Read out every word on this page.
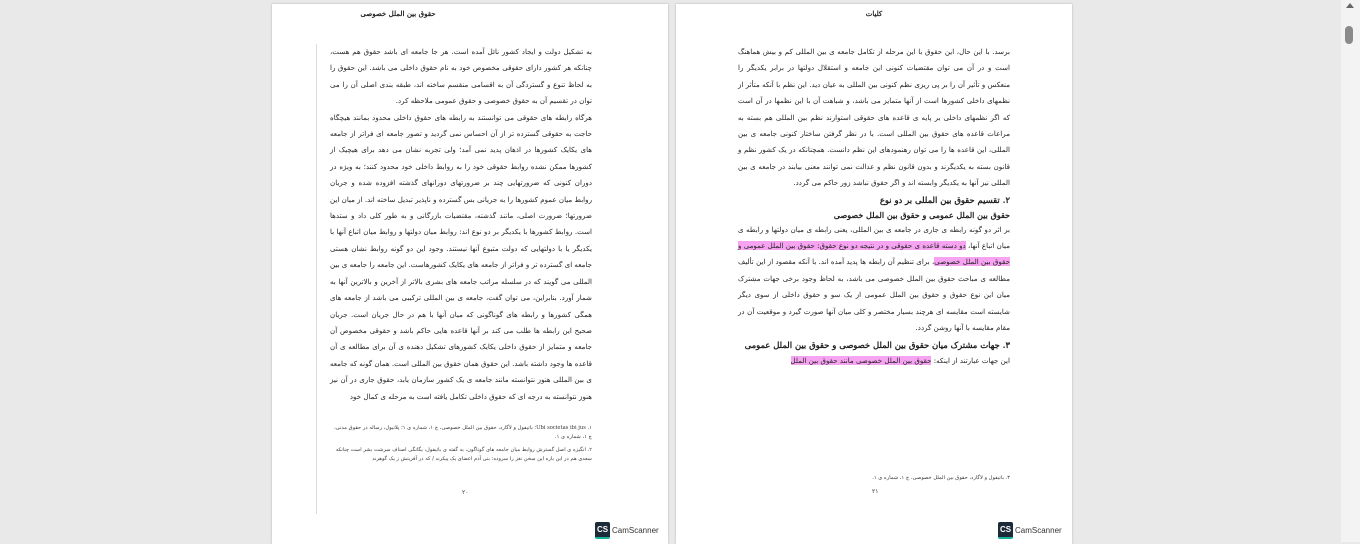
حقوق بین الملل خصوصی

به تشکیل دولت و ایجاد کشور نائل آمده است. هر جا جامعه ای باشد حقوق هم هست، چنانکه هر کشور دارای حقوقی مخصوص خود به نام حقوق داخلی می باشد. این حقوق را به لحاظ تنوع و گستردگی آن به اقسامی منقسم ساخته اند، طبقه بندی اصلی آن را می توان در تقسیم آن به حقوق خصوصی و حقوق عمومی ملاحظه کرد.

هرگاه رابطه های حقوقی می توانستند به رابطه های حقوق داخلی محدود بمانند هیچگاه حاجت به حقوقی گسترده تر از آن احساس نمی گردید و تصور جامعه ای فراتر از جامعه های یکایک کشورها در اذهان پدید نمی آمد؛ ولی تجربه نشان می دهد برای هیچیک از کشورها ممکن نشده روابط حقوقی خود را به روابط داخلی خود محدود کنند؛ به ویژه در دوران کنونی که ضرورتهایی چند بر ضرورتهای دورانهای گذشته افزوده شده و جریان روابط میان عموم کشورها را به جریانی بس گسترده و ناپذیر تبدیل ساخته اند. از میان این ضرورتها؛ ضرورت اصلی، مانند گذشته، مقتضیات بازرگانی و به طور کلی داد و ستدها است. روابط کشورها با یکدیگر بر دو نوع اند: روابط میان دولتها و روابط میان اتباع آنها با یکدیگر یا با دولتهایی که دولت متبوع آنها نیستند. وجود این دو گونه روابط نشان هستی جامعه ای گسترده تر و فراتر از جامعه های یکایک کشورهاست. این جامعه را جامعه ی بین المللی می گویند که در سلسله مراتب جامعه های بشری بالاتر از آخرین و بالاترین آنها به شمار آورد. بنابراین، می توان گفت، جامعه ی بین المللی ترکیبی می باشد از جامعه های همگی کشورها و رابطه های گوناگونی که میان آنها با هم در حال جریان است. جریان صحیح این رابطه ها طلب می کند بر آنها قاعده هایی حاکم باشد و حقوقی مخصوص آن جامعه و متمایز از حقوق داخلی یکایک کشورهای تشکیل دهنده ی آن برای مطالعه ی آن قاعده ها وجود داشته باشد. این حقوق همان حقوق بین المللی است. همان گونه که جامعه ی بین المللی هنوز نتوانسته مانند جامعه ی یک کشور سازمان یابد، حقوق جاری در آن نیز هنوز نتوانسته به درجه ای که حقوق داخلی تکامل یافته است به مرحله ی کمال خود

۱. Ubi societas ibi jus؛ باتیفول و لاگارد، حقوق بین الملل خصوصی، ج ۱، شماره ی ۱؛ پلانیول، رساله در حقوق مدنی، ج ۱، شماره ی ۱.

۲. انگیزه ی اصل گسترش روابط میان جامعه های گوناگون، به گفته ی باتیفول، یگانگی اصناف سرشت بشر است چنانکه سعدی هم در این باره این سخن نغز را سروده: بنی آدم اعضای یک پیکرند / که در آفرینش ز یک گوهرند

۲۰
CS CamScanner
کلیات

برسد. با این حال، این حقوق با این مرحله از تکامل جامعه ی بین المللی کم و بیش هماهنگ است و در آن می توان مقتضیات کنونی این جامعه و استقلال دولتها در برابر یکدیگر را منعکس و تأثیر آن را بر پی ریزی نظم کنونی بین المللی به عیان دید. این نظم با آنکه متأثر از نظمهای داخلی کشورها است از آنها متمایز می باشد، و شباهت آن با این نظمها در آن است که اگر نظمهای داخلی بر پایه ی قاعده های حقوقی استوارند نظم بین المللی هم بسته به مراعات قاعده های حقوق بین المللی است. با در نظر گرفتن ساختار کنونی جامعه ی بین المللی، این قاعده ها را می توان رهنمودهای این نظم دانست. همچنانکه در یک کشور نظم و قانون بسته به یکدیگرند و بدون قانون نظم و عدالت نمی توانند معنی بیابند در جامعه ی بین المللی نیز آنها به یکدیگر وابسته اند و اگر حقوق نباشد زور حاکم می گردد.

۲. تقسیم حقوق بین المللی بر دو نوع

حقوق بین الملل عمومی و حقوق بین الملل خصوصی

بر اثر دو گونه رابطه ی جاری در جامعه ی بین المللی، یعنی رابطه ی میان دولتها و رابطه ی میان اتباع آنها، دو دسته قاعده ی حقوقی و در نتیجه دو نوع حقوق: حقوق بین الملل عمومی و حقوق بین الملل خصوصی، برای تنظیم آن رابطه ها پدید آمده اند. با آنکه مقصود از این تألیف مطالعه ی مباحث حقوق بین الملل خصوصی می باشد، به لحاظ وجود برخی جهات مشترک میان این نوع حقوق و حقوق بین الملل عمومی از یک سو و حقوق داخلی از سوی دیگر شایسته است مقایسه ای هرچند بسیار مختصر و کلی میان آنها صورت گیرد و موقعیت آن در مقام مقایسه با آنها روشن گردد.

۳. جهات مشترک میان حقوق بین الملل خصوصی و حقوق بین الملل عمومی

این جهات عبارتند از اینکه: حقوق بین الملل خصوصی مانند حقوق بین الملل

۳. باتیفول و لاگارد، حقوق بین الملل خصوصی، ج ۱، شماره ی ۱.

۲۱
CS CamScanner
